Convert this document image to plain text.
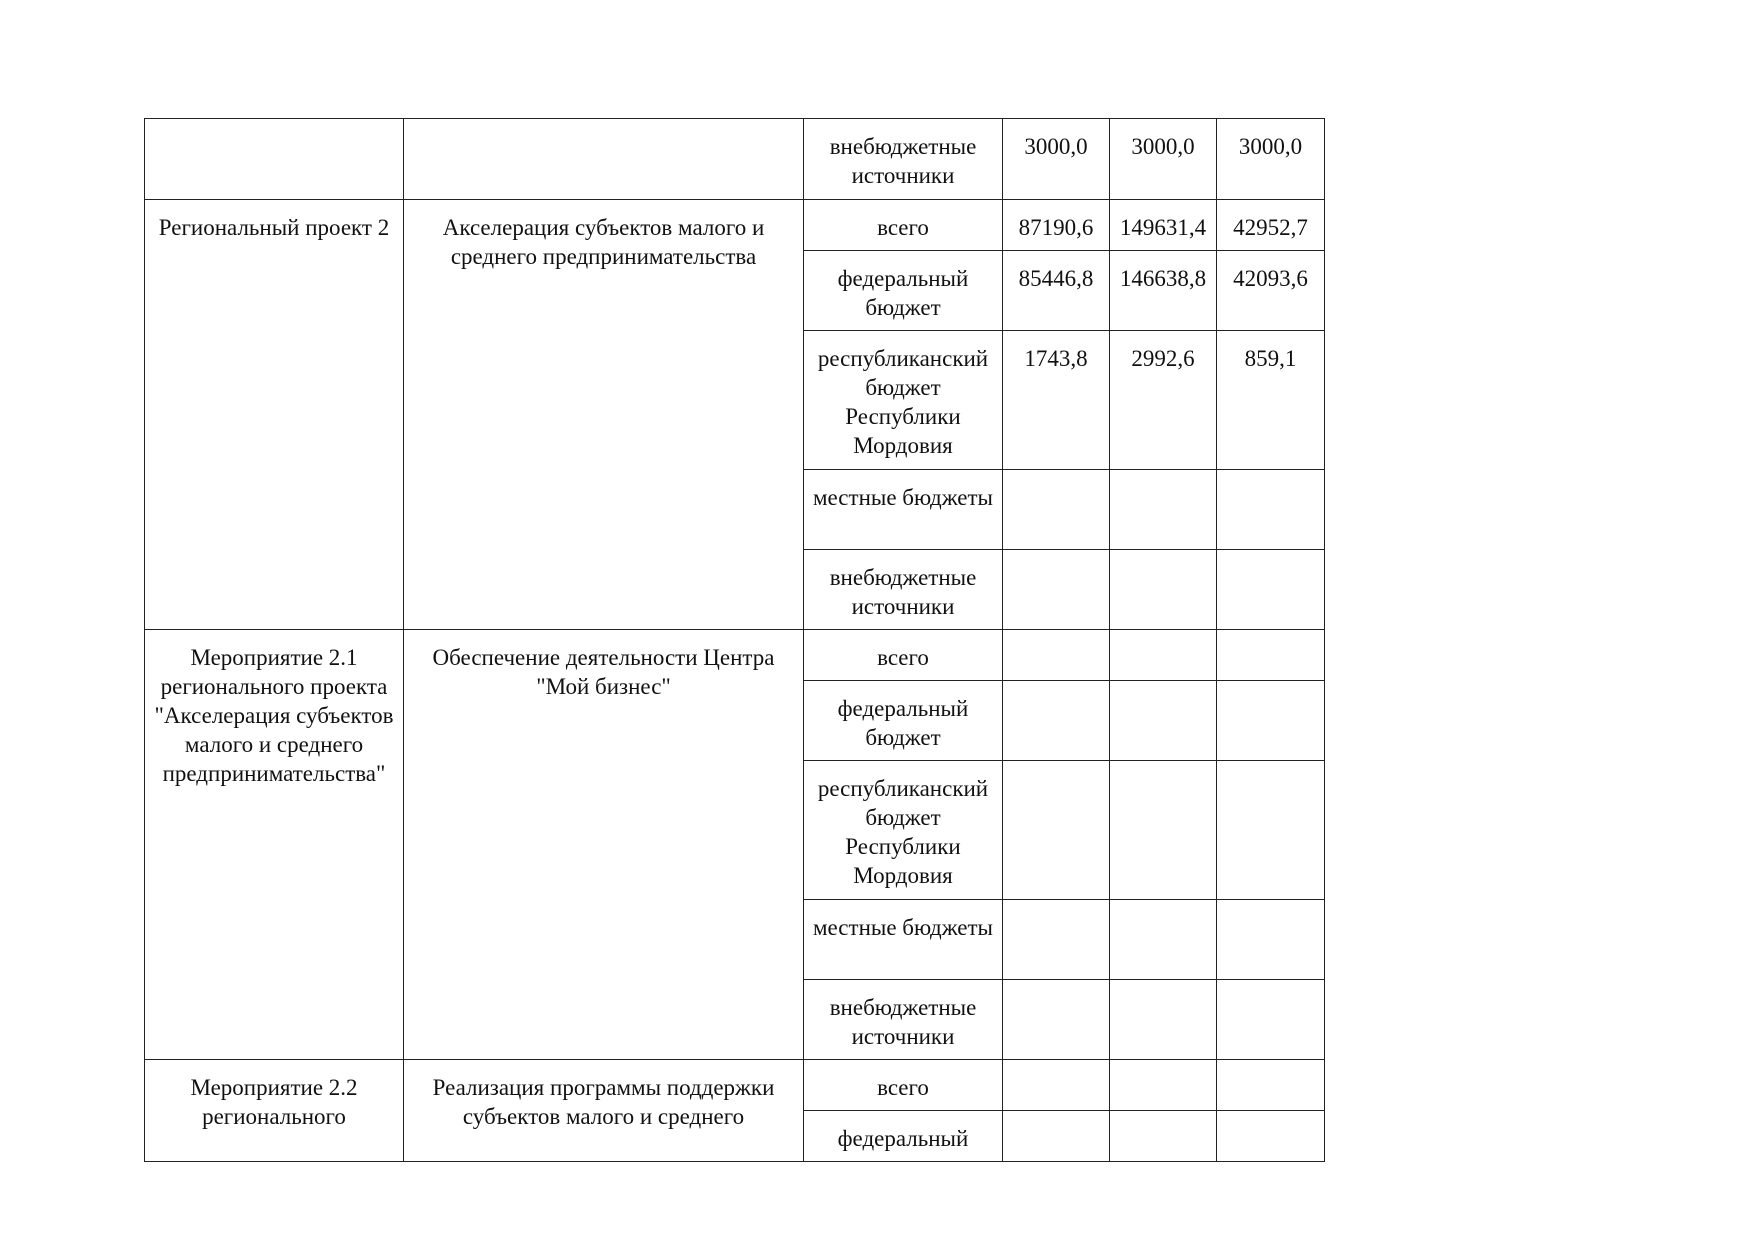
		внебюджетные источники	3000,0	3000,0	3000,0
Региональный проект 2	Акселерация субъектов малого и среднего предпринимательства	всего	87190,6	149631,4	42952,7
		федеральный бюджет	85446,8	146638,8	42093,6
		республиканский бюджет Республики Мордовия	1743,8	2992,6	859,1
		местные бюджеты			
		внебюджетные источники			
Мероприятие 2.1 регионального проекта "Акселерация субъектов малого и среднего предпринимательства"	Обеспечение деятельности Центра "Мой бизнес"	всего			
		федеральный бюджет			
		республиканский бюджет Республики Мордовия			
		местные бюджеты			
		внебюджетные источники			
Мероприятие 2.2 регионального	Реализация программы поддержки субъектов малого и среднего	всего			
		федеральный			
